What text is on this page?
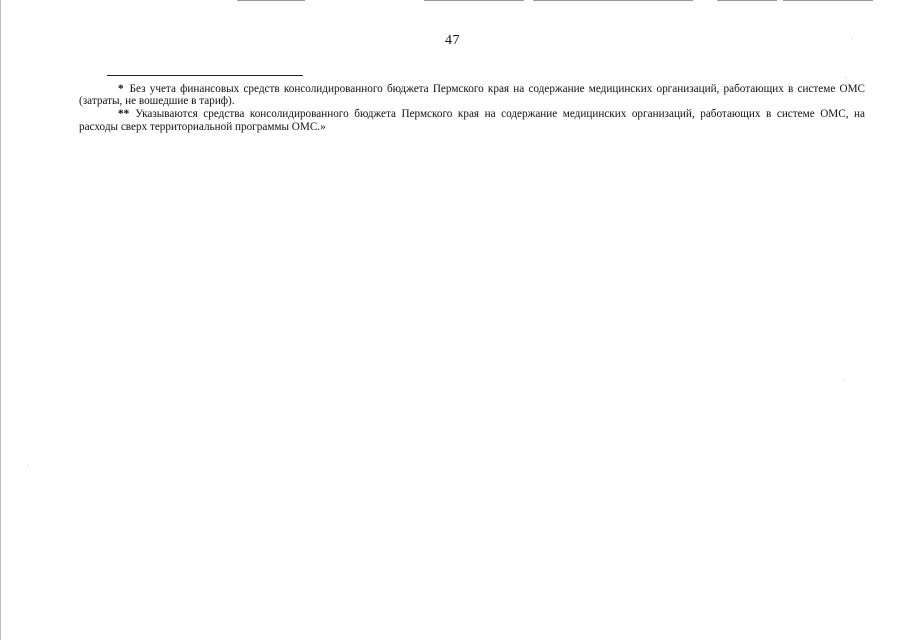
47

* Без учета финансовых средств консолидированного бюджета Пермского края на содержание медицинских организаций, работающих в системе ОМС (затраты, не вошедшие в тариф).

** Указываются средства консолидированного бюджета Пермского края на содержание медицинских организаций, работающих в системе ОМС, на расходы сверх территориальной программы ОМС.»
